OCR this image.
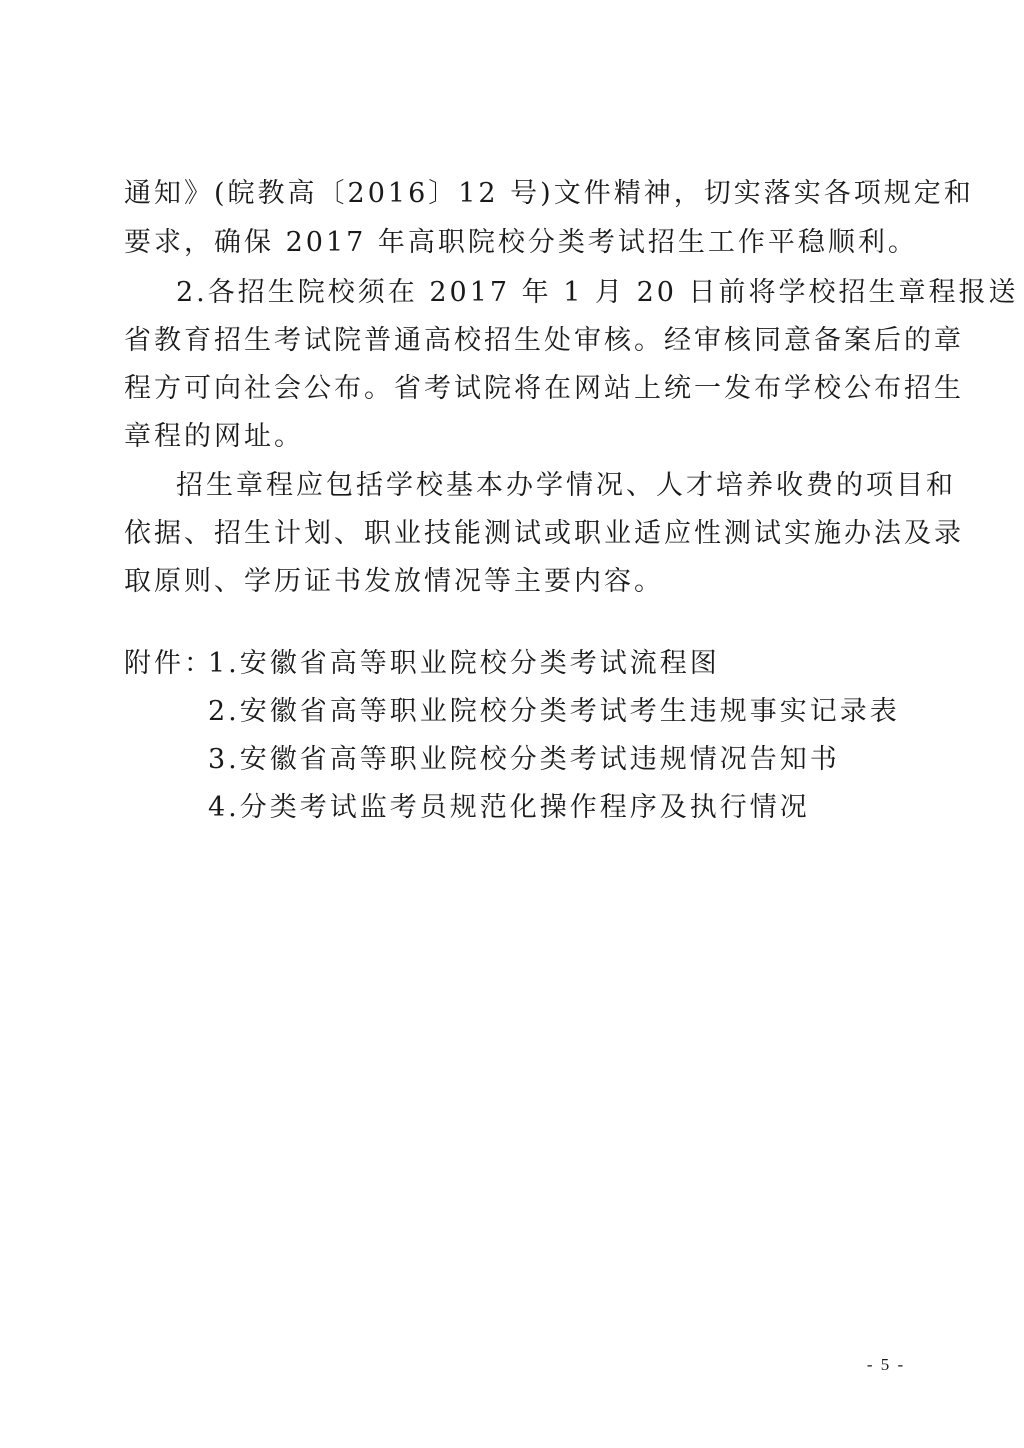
通知》(皖教高〔2016〕12 号)文件精神，切实落实各项规定和
要求，确保 2017 年高职院校分类考试招生工作平稳顺利。
2.各招生院校须在 2017 年 1 月 20 日前将学校招生章程报送
省教育招生考试院普通高校招生处审核。经审核同意备案后的章
程方可向社会公布。省考试院将在网站上统一发布学校公布招生
章程的网址。
招生章程应包括学校基本办学情况、人才培养收费的项目和
依据、招生计划、职业技能测试或职业适应性测试实施办法及录
取原则、学历证书发放情况等主要内容。
附件：
1.安徽省高等职业院校分类考试流程图
2.安徽省高等职业院校分类考试考生违规事实记录表
3.安徽省高等职业院校分类考试违规情况告知书
4.分类考试监考员规范化操作程序及执行情况
- 5 -
